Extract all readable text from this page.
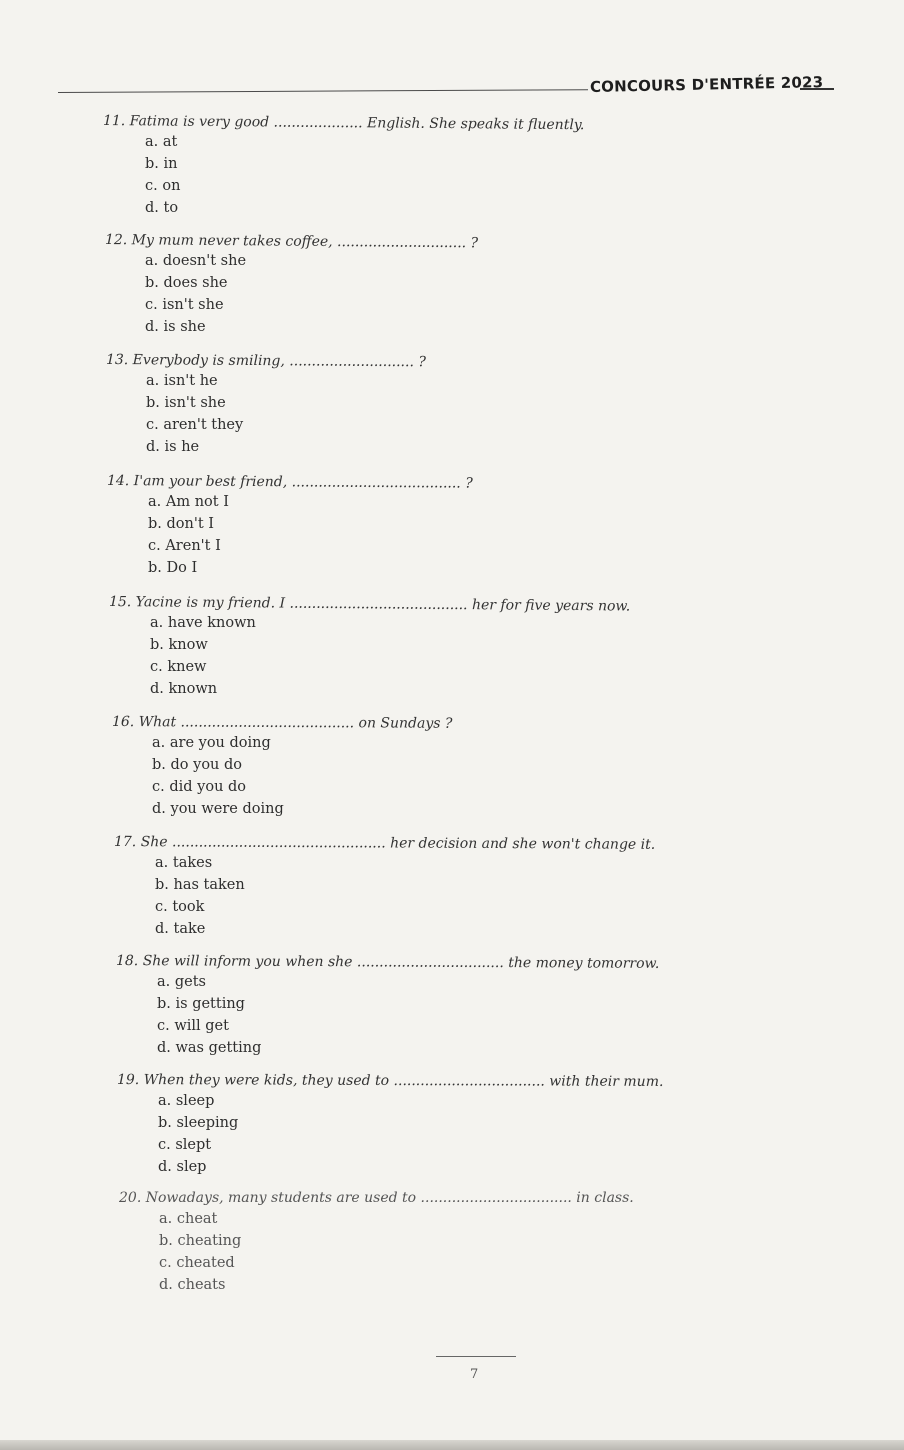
CONCOURS D'ENTRÉE 2023
11. Fatima is very good .................... English. She speaks it fluently.
a. at
b. in
c. on
d. to
12. My mum never takes coffee, ............................. ?
a. doesn't she
b. does she
c. isn't she
d. is she
13. Everybody is smiling, ............................ ?
a. isn't he
b. isn't she
c. aren't they
d. is he
14. I'am your best friend, ...................................... ?
a. Am not I
b. don't I
c. Aren't I
b. Do I
15. Yacine is my friend. I ........................................ her for five years now.
a. have known
b. know
c. knew
d. known
16. What ....................................... on Sundays ?
a. are you doing
b. do you do
c. did you do
d. you were doing
17. She ................................................ her decision and she won't change it.
a. takes
b. has taken
c. took
d. take
18. She will inform you when she ................................. the money tomorrow.
a. gets
b. is getting
c. will get
d. was getting
19. When they were kids, they used to .................................. with their mum.
a. sleep
b. sleeping
c. slept
d. slep
20. Nowadays, many students are used to .................................. in class.
a. cheat
b. cheating
c. cheated
d. cheats
7
